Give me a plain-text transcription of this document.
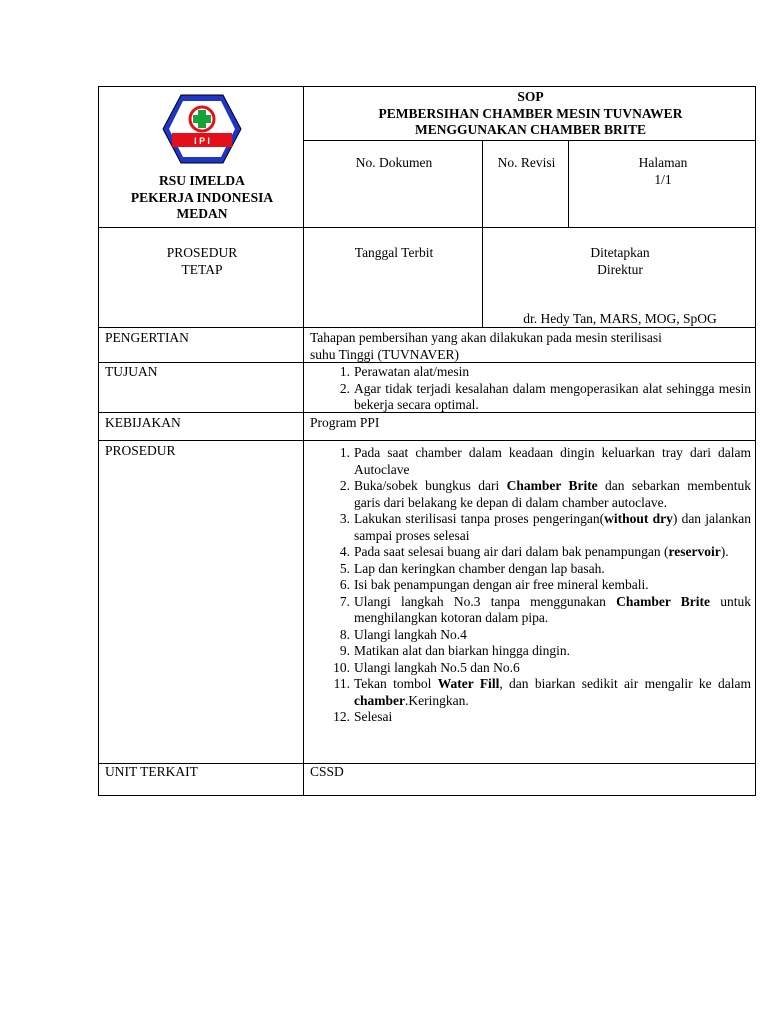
I P I
RSU IMELDA
PEKERJA INDONESIA
MEDAN
SOP
PEMBERSIHAN CHAMBER MESIN TUVNAWER
MENGGUNAKAN CHAMBER BRITE
No. Dokumen	No. Revisi	Halaman
1/1
PROSEDUR
TETAP
Tanggal Terbit	Ditetapkan
Direktur
dr. Hedy Tan, MARS, MOG, SpOG
PENGERTIAN	Tahapan pembersihan yang akan dilakukan pada mesin sterilisasi
suhu Tinggi (TUVNAVER)
TUJUAN	1. Perawatan alat/mesin
2. Agar tidak terjadi kesalahan dalam mengoperasikan alat sehingga mesin bekerja secara optimal.
KEBIJAKAN	Program PPI
PROSEDUR	1. Pada saat chamber dalam keadaan dingin keluarkan tray dari dalam Autoclave
2. Buka/sobek bungkus dari Chamber Brite dan sebarkan membentuk garis dari belakang ke depan di dalam chamber autoclave.
3. Lakukan sterilisasi tanpa proses pengeringan(without dry) dan jalankan sampai proses selesai
4. Pada saat selesai buang air dari dalam bak penampungan (reservoir).
5. Lap dan keringkan chamber dengan lap basah.
6. Isi bak penampungan dengan air free mineral kembali.
7. Ulangi langkah No.3 tanpa menggunakan Chamber Brite untuk menghilangkan kotoran dalam pipa.
8. Ulangi langkah No.4
9. Matikan alat dan biarkan hingga dingin.
10. Ulangi langkah No.5 dan No.6
11. Tekan tombol Water Fill, dan biarkan sedikit air mengalir ke dalam chamber.Keringkan.
12. Selesai
UNIT TERKAIT	CSSD
